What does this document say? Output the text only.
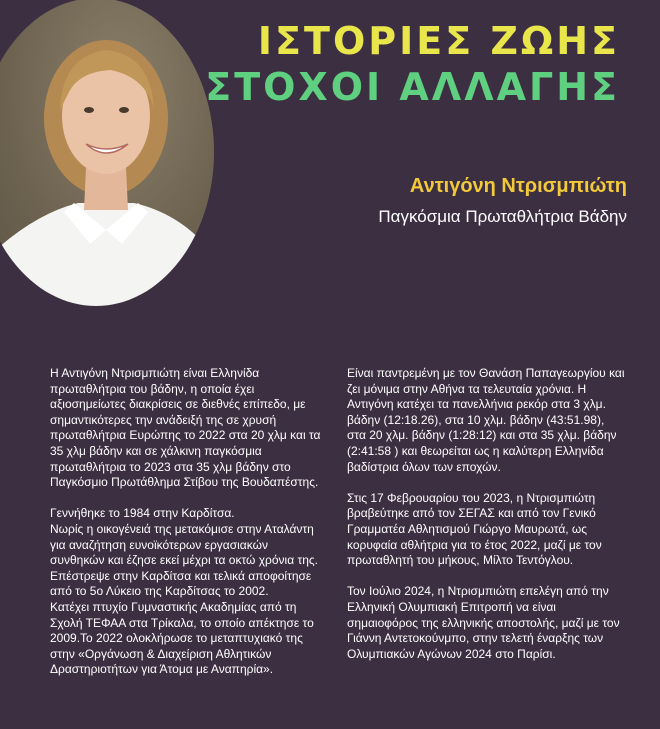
ΙΣΤΟΡΙΕΣ ΖΩΗΣ
ΣΤΟΧΟΙ ΑΛΛΑΓΗΣ
Αντιγόνη Ντρισμπιώτη

Παγκόσμια Πρωταθλήτρια Βάδην

Η Αντιγόνη Ντρισμπιώτη είναι Ελληνίδα πρωταθλήτρια του βάδην, η οποία έχει αξιοσημείωτες διακρίσεις σε διεθνές επίπεδο, με σημαντικότερες την ανάδειξή της σε χρυσή πρωταθλήτρια Ευρώπης το 2022 στα 20 χλμ και τα 35 χλμ βάδην και σε χάλκινη παγκόσμια πρωταθλήτρια το 2023 στα 35 χλμ βάδην στο Παγκόσμιο Πρωτάθλημα Στίβου της Βουδαπέστης.

Γεννήθηκε το 1984 στην Καρδίτσα.
Νωρίς η οικογένειά της μετακόμισε στην Αταλάντη για αναζήτηση ευνοϊκότερων εργασιακών συνθηκών και έζησε εκεί μέχρι τα οκτώ χρόνια της. Επέστρεψε στην Καρδίτσα και τελικά αποφοίτησε από το 5ο Λύκειο της Καρδίτσας το 2002.
Κατέχει πτυχίο Γυμναστικής Ακαδημίας από τη Σχολή ΤΕΦΑΑ στα Τρίκαλα, το οποίο απέκτησε το 2009.Το 2022 ολοκλήρωσε το μεταπτυχιακό της στην «Οργάνωση & Διαχείριση Αθλητικών Δραστηριοτήτων για Άτομα με Αναπηρία».

Είναι παντρεμένη με τον Θανάση Παπαγεωργίου και ζει μόνιμα στην Αθήνα τα τελευταία χρόνια. Η Αντιγόνη κατέχει τα πανελλήνια ρεκόρ στα 3 χλμ. βάδην (12:18.26), στα 10 χλμ. βάδην (43:51.98), στα 20 χλμ. βάδην (1:28:12) και στα 35 χλμ. βάδην (2:41:58 ) και θεωρείται ως η καλύτερη Ελληνίδα βαδίστρια όλων των εποχών.

Στις 17 Φεβρουαρίου του 2023, η Ντρισμπιώτη βραβεύτηκε από τον ΣΕΓΑΣ και από τον Γενικό Γραμματέα Αθλητισμού Γιώργο Μαυρωτά, ως κορυφαία αθλήτρια για το έτος 2022, μαζί με τον πρωταθλητή του μήκους, Μίλτο Τεντόγλου.

Τον Ιούλιο 2024, η Ντρισμπιώτη επελέγη από την Ελληνική Ολυμπιακή Επιτροπή να είναι σημαιοφόρος της ελληνικής αποστολής, μαζί με τον Γιάννη Αντετοκούνμπο, στην τελετή έναρξης των Ολυμπιακών Αγώνων 2024 στο Παρίσι.
